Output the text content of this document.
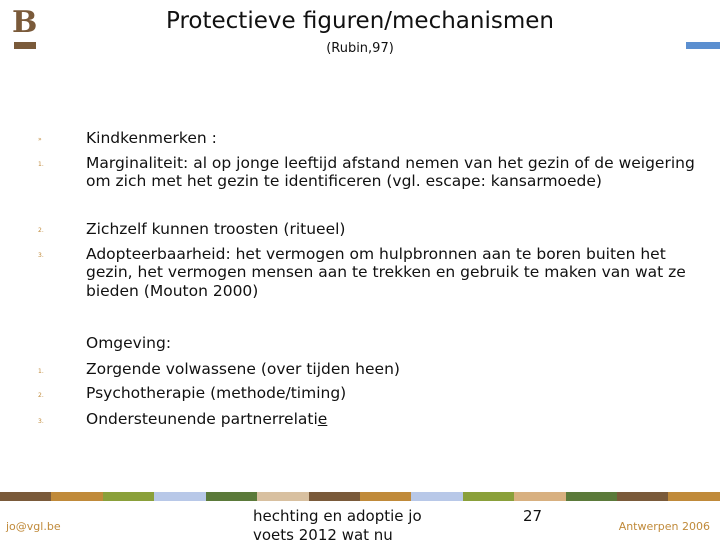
B	Protectieve figuren/mechanismen
(Rubin,97)
»	Kindkenmerken :
1.	Marginaliteit: al op jonge leeftijd afstand nemen van het gezin of de weigering om zich met het gezin te identificeren (vgl. escape: kansarmoede)
2.	Zichzelf kunnen troosten (ritueel)
3.	Adopteerbaarheid: het vermogen om hulpbronnen aan te boren buiten het gezin, het vermogen mensen aan te trekken en gebruik te maken van wat ze bieden (Mouton 2000)
Omgeving:
1.	Zorgende volwassene (over tijden heen)
2.	Psychotherapie (methode/timing)
3.	Ondersteunende partnerrelatie
jo@vgl.be
hechting en adoptie jo voets 2012 wat nu
27
Antwerpen 2006
